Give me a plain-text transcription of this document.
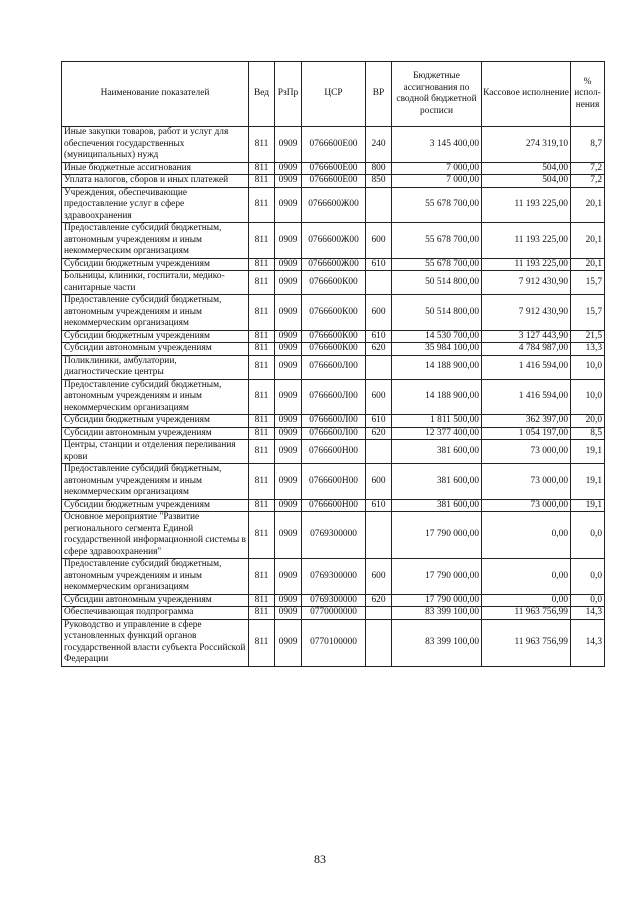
Наименование показателей	Вед	РзПр	ЦСР	ВР	Бюджетные ассигнования по сводной бюджетной росписи	Кассовое исполнение	% испол-нения
Иные закупки товаров, работ и услуг для обеспечения государственных (муниципальных) нужд	811	0909	0766600Е00	240	3 145 400,00	274 319,10	8,7
Иные бюджетные ассигнования	811	0909	0766600Е00	800	7 000,00	504,00	7,2
Уплата налогов, сборов и иных платежей	811	0909	0766600Е00	850	7 000,00	504,00	7,2
Учреждения, обеспечивающие предоставление услуг в сфере здравоохранения	811	0909	0766600Ж00		55 678 700,00	11 193 225,00	20,1
Предоставление субсидий бюджетным, автономным учреждениям и иным некоммерческим организациям	811	0909	0766600Ж00	600	55 678 700,00	11 193 225,00	20,1
Субсидии бюджетным учреждениям	811	0909	0766600Ж00	610	55 678 700,00	11 193 225,00	20,1
Больницы, клиники, госпитали, медико-санитарные части	811	0909	0766600К00		50 514 800,00	7 912 430,90	15,7
Предоставление субсидий бюджетным, автономным учреждениям и иным некоммерческим организациям	811	0909	0766600К00	600	50 514 800,00	7 912 430,90	15,7
Субсидии бюджетным учреждениям	811	0909	0766600К00	610	14 530 700,00	3 127 443,90	21,5
Субсидии автономным учреждениям	811	0909	0766600К00	620	35 984 100,00	4 784 987,00	13,3
Поликлиники, амбулатории, диагностические центры	811	0909	0766600Л00		14 188 900,00	1 416 594,00	10,0
Предоставление субсидий бюджетным, автономным учреждениям и иным некоммерческим организациям	811	0909	0766600Л00	600	14 188 900,00	1 416 594,00	10,0
Субсидии бюджетным учреждениям	811	0909	0766600Л00	610	1 811 500,00	362 397,00	20,0
Субсидии автономным учреждениям	811	0909	0766600Л00	620	12 377 400,00	1 054 197,00	8,5
Центры, станции и отделения переливания крови	811	0909	0766600Н00		381 600,00	73 000,00	19,1
Предоставление субсидий бюджетным, автономным учреждениям и иным некоммерческим организациям	811	0909	0766600Н00	600	381 600,00	73 000,00	19,1
Субсидии бюджетным учреждениям	811	0909	0766600Н00	610	381 600,00	73 000,00	19,1
Основное мероприятие "Развитие регионального сегмента Единой государственной информационной системы в сфере здравоохранения"	811	0909	0769300000		17 790 000,00	0,00	0,0
Предоставление субсидий бюджетным, автономным учреждениям и иным некоммерческим организациям	811	0909	0769300000	600	17 790 000,00	0,00	0,0
Субсидии автономным учреждениям	811	0909	0769300000	620	17 790 000,00	0,00	0,0
Обеспечивающая подпрограмма	811	0909	0770000000		83 399 100,00	11 963 756,99	14,3
Руководство и управление в сфере установленных функций органов государственной власти субъекта Российской Федерации	811	0909	0770100000		83 399 100,00	11 963 756,99	14,3
83
